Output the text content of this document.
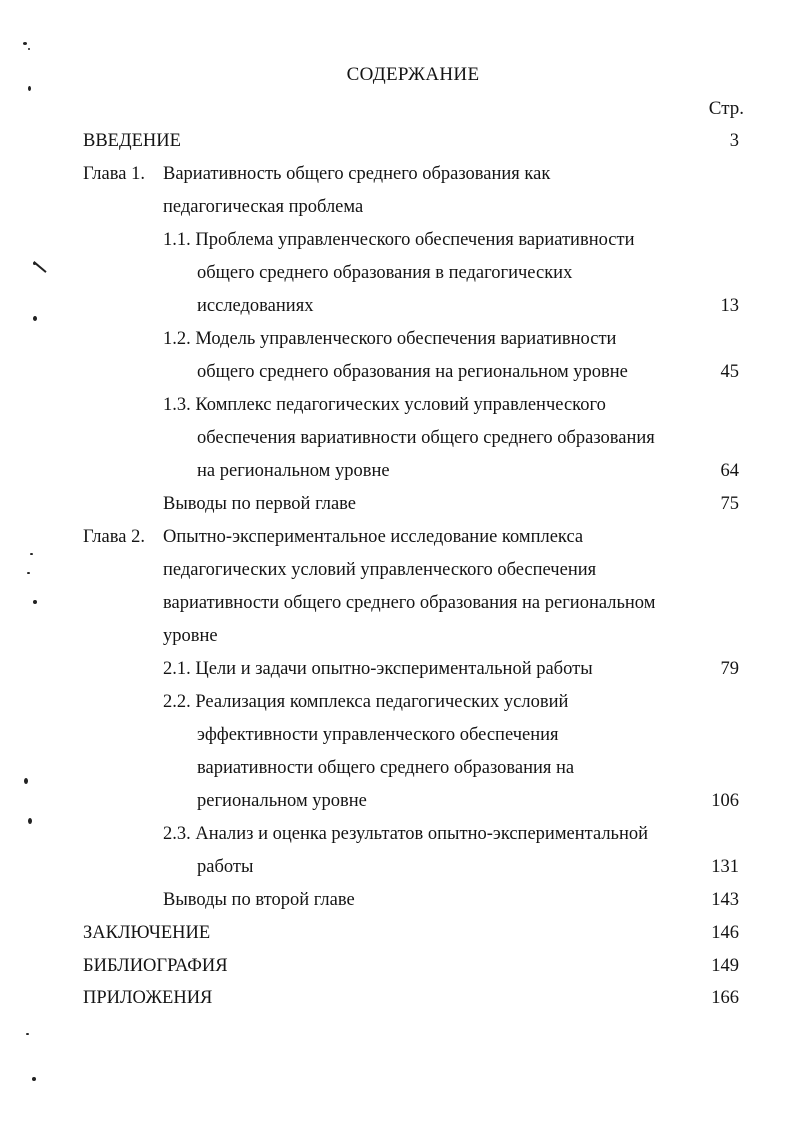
СОДЕРЖАНИЕ
Стр.
ВВЕДЕНИЕ	3
Глава 1. Вариативность общего среднего образования как
педагогическая проблема
1.1. Проблема управленческого обеспечения вариативности
общего среднего образования в педагогических
исследованиях	13
1.2. Модель управленческого обеспечения вариативности
общего среднего образования на региональном уровне	45
1.3. Комплекс педагогических условий управленческого
обеспечения вариативности общего среднего образования
на региональном уровне	64
Выводы по первой главе	75
Глава 2. Опытно-экспериментальное исследование комплекса
педагогических условий управленческого обеспечения
вариативности общего среднего образования на региональном
уровне
2.1. Цели и задачи опытно-экспериментальной работы	79
2.2. Реализация комплекса педагогических условий
эффективности управленческого обеспечения
вариативности общего среднего образования на
региональном уровне	106
2.3. Анализ и оценка результатов опытно-экспериментальной
работы	131
Выводы по второй главе	143
ЗАКЛЮЧЕНИЕ	146
БИБЛИОГРАФИЯ	149
ПРИЛОЖЕНИЯ	166
